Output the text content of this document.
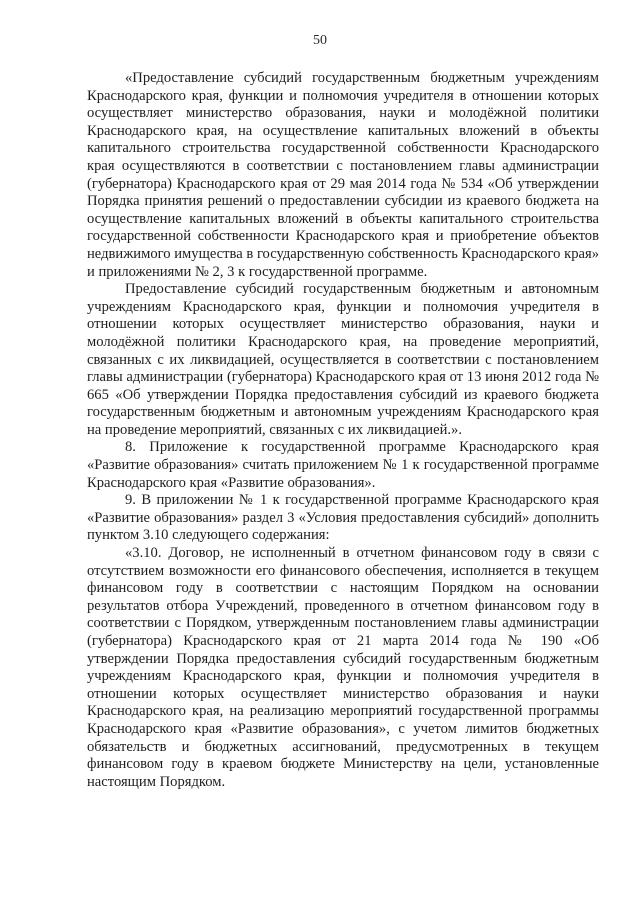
50

«Предоставление субсидий государственным бюджетным учреждениям Краснодарского края, функции и полномочия учредителя в отношении которых осуществляет министерство образования, науки и молодёжной политики Краснодарского края, на осуществление капитальных вложений в объекты капитального строительства государственной собственности Краснодарского края осуществляются в соответствии с постановлением главы администрации (губернатора) Краснодарского края от 29 мая 2014 года № 534 «Об утверждении Порядка принятия решений о предоставлении субсидии из краевого бюджета на осуществление капитальных вложений в объекты капитального строительства государственной собственности Краснодарского края и приобретение объектов недвижимого имущества в государственную собственность Краснодарского края» и приложениями № 2, 3 к государственной программе.

Предоставление субсидий государственным бюджетным и автономным учреждениям Краснодарского края, функции и полномочия учредителя в отношении которых осуществляет министерство образования, науки и молодёжной политики Краснодарского края, на проведение мероприятий, связанных с их ликвидацией, осуществляется в соответствии с постановлением главы администрации (губернатора) Краснодарского края от 13 июня 2012 года № 665 «Об утверждении Порядка предоставления субсидий из краевого бюджета государственным бюджетным и автономным учреждениям Краснодарского края на проведение мероприятий, связанных с их ликвидацией.».

8. Приложение к государственной программе Краснодарского края «Развитие образования» считать приложением № 1 к государственной программе Краснодарского края «Развитие образования».

9. В приложении № 1 к государственной программе Краснодарского края «Развитие образования» раздел 3 «Условия предоставления субсидий» дополнить пунктом 3.10 следующего содержания:

«3.10. Договор, не исполненный в отчетном финансовом году в связи с отсутствием возможности его финансового обеспечения, исполняется в текущем финансовом году в соответствии с настоящим Порядком на основании результатов отбора Учреждений, проведенного в отчетном финансовом году в соответствии с Порядком, утвержденным постановлением главы администрации (губернатора) Краснодарского края от 21 марта 2014 года № 190 «Об утверждении Порядка предоставления субсидий государственным бюджетным учреждениям Краснодарского края, функции и полномочия учредителя в отношении которых осуществляет министерство образования и науки Краснодарского края, на реализацию мероприятий государственной программы Краснодарского края «Развитие образования», с учетом лимитов бюджетных обязательств и бюджетных ассигнований, предусмотренных в текущем финансовом году в краевом бюджете Министерству на цели, установленные настоящим Порядком.
